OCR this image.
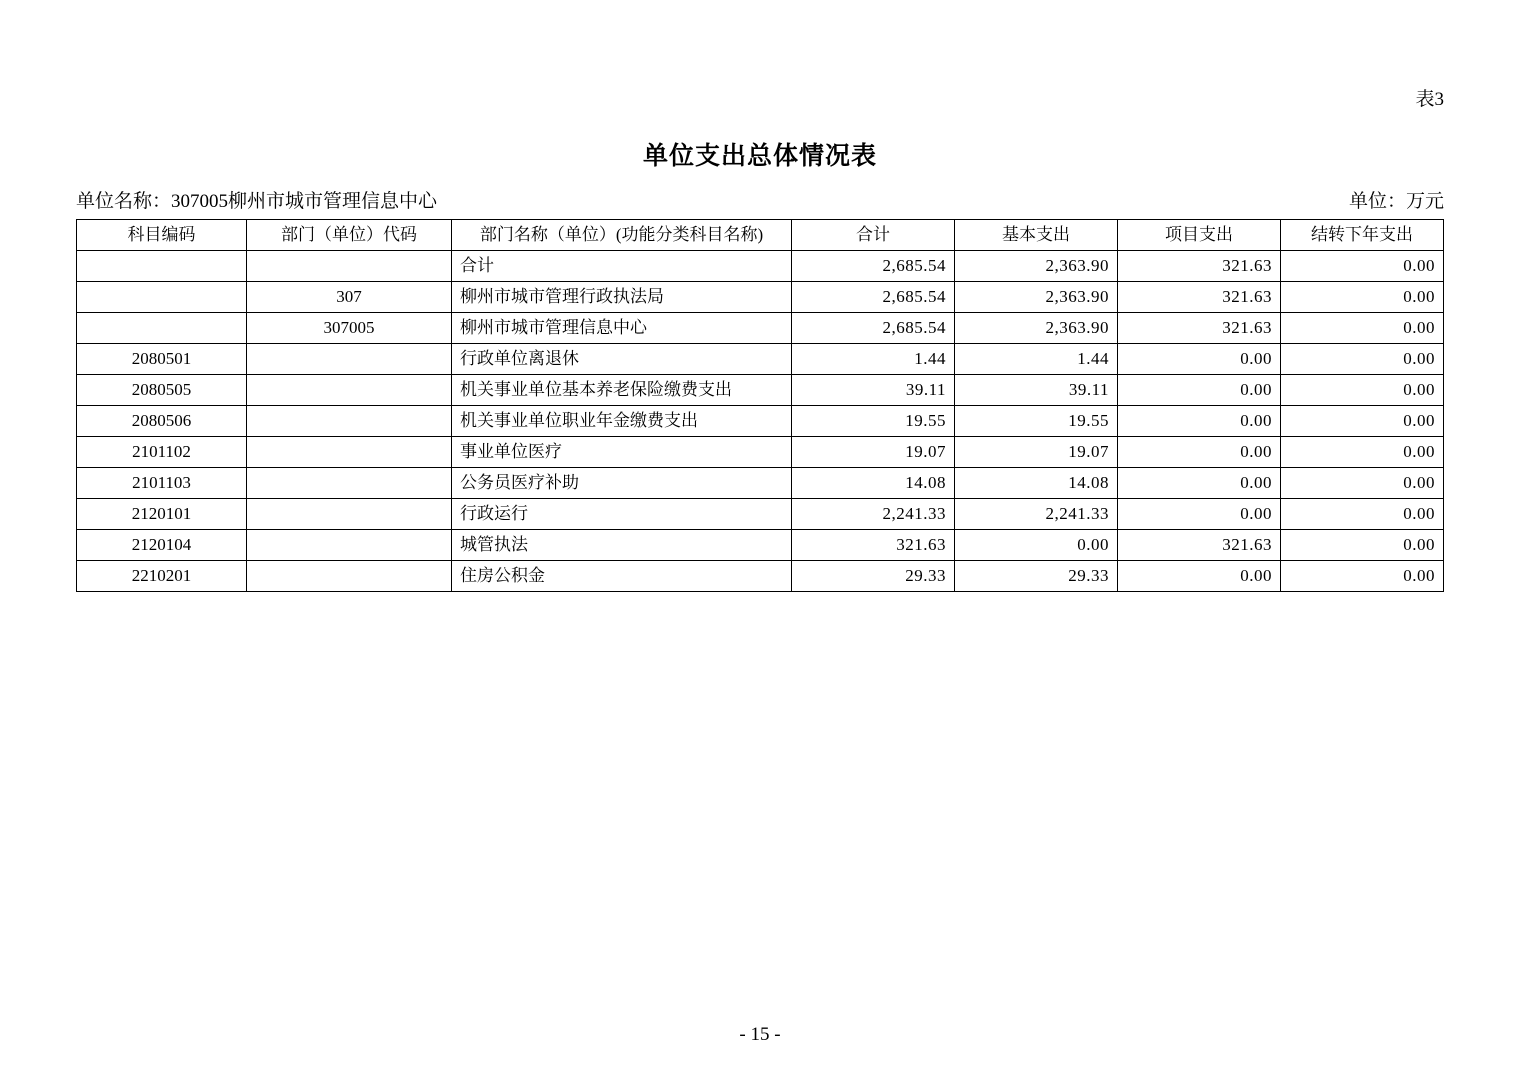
表3
单位支出总体情况表
单位名称：307005柳州市城市管理信息中心	单位：万元
科目编码	部门（单位）代码	部门名称（单位）(功能分类科目名称)	合计	基本支出	项目支出	结转下年支出
		合计	2,685.54	2,363.90	321.63	0.00
	307	柳州市城市管理行政执法局	2,685.54	2,363.90	321.63	0.00
	307005	柳州市城市管理信息中心	2,685.54	2,363.90	321.63	0.00
2080501		行政单位离退休	1.44	1.44	0.00	0.00
2080505		机关事业单位基本养老保险缴费支出	39.11	39.11	0.00	0.00
2080506		机关事业单位职业年金缴费支出	19.55	19.55	0.00	0.00
2101102		事业单位医疗	19.07	19.07	0.00	0.00
2101103		公务员医疗补助	14.08	14.08	0.00	0.00
2120101		行政运行	2,241.33	2,241.33	0.00	0.00
2120104		城管执法	321.63	0.00	321.63	0.00
2210201		住房公积金	29.33	29.33	0.00	0.00
- 15 -
